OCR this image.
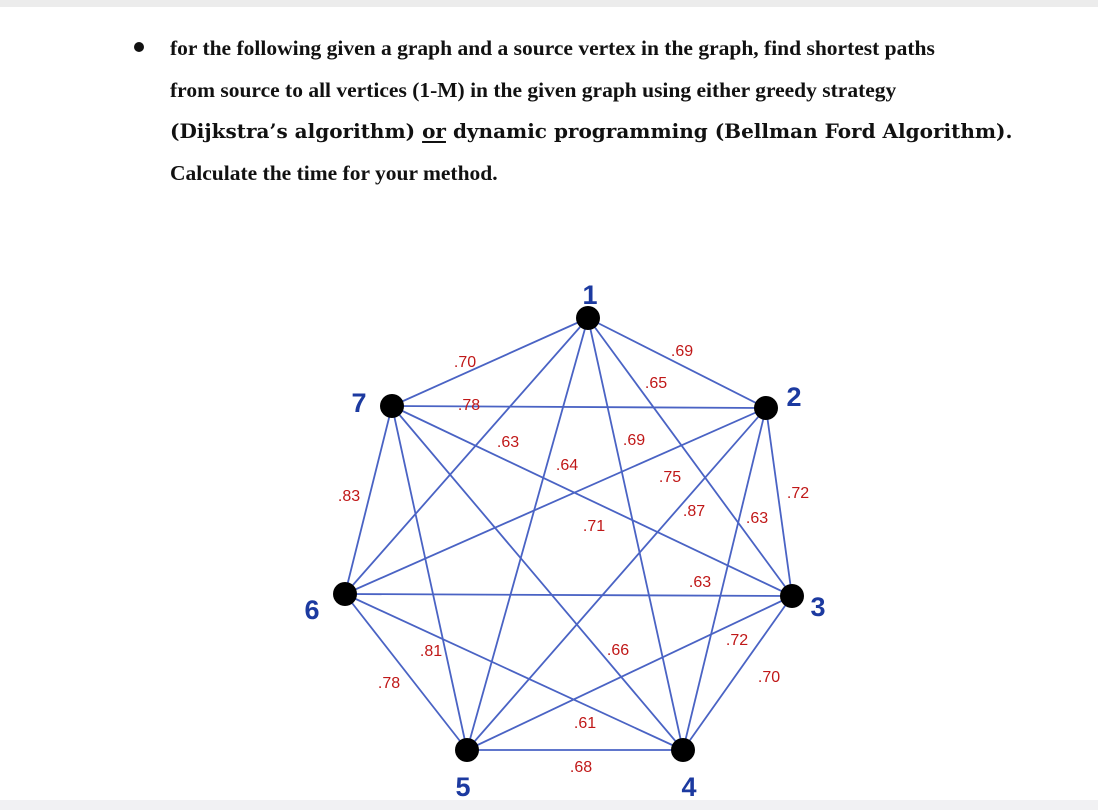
for the following given a graph and a source vertex in the graph, find shortest paths
from source to all vertices (1-M) in the given graph using either greedy strategy
(Dijkstra’s algorithm) or dynamic programming (Bellman Ford Algorithm).
Calculate the time for your method.
.70
.69
.65
.69
.64
.63
.78
.83
.81	.66
.71
.72
.63
.87
.75
.63
.78
.61
.70
.72
.68
1
2
3
4
5
6
7
